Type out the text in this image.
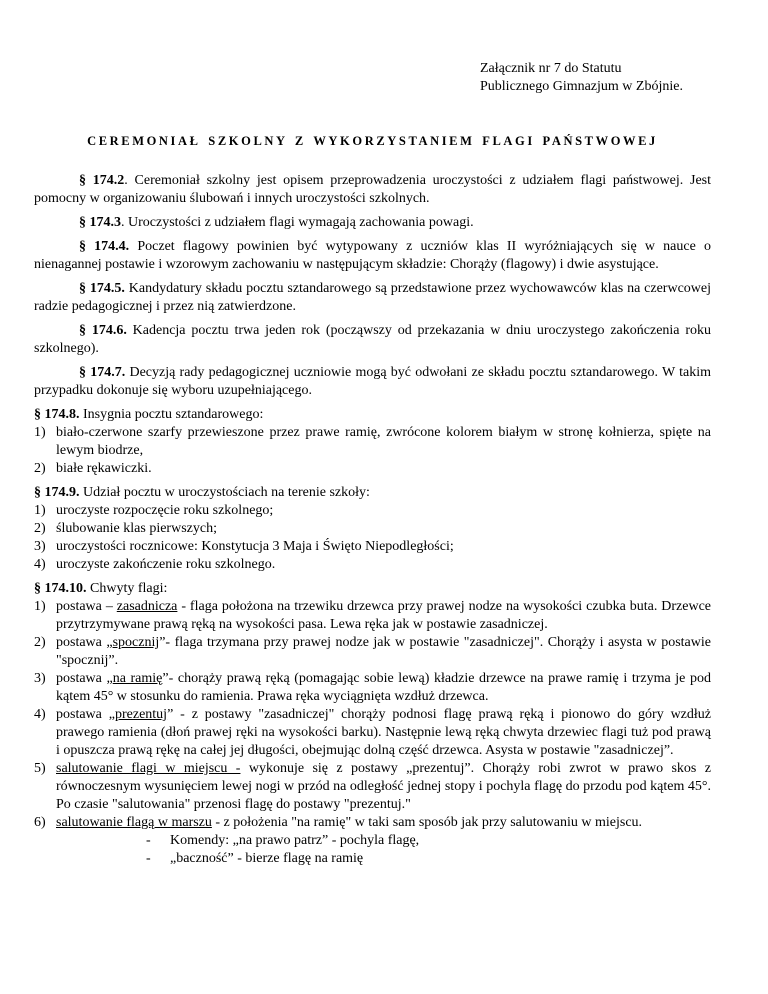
Załącznik nr 7 do Statutu
Publicznego Gimnazjum w Zbójnie.
CEREMONIAŁ SZKOLNY Z WYKORZYSTANIEM FLAGI PAŃSTWOWEJ

§ 174.2. Ceremoniał szkolny jest opisem przeprowadzenia uroczystości z udziałem flagi państwowej. Jest pomocny w organizowaniu ślubowań i innych uroczystości szkolnych.

§ 174.3. Uroczystości z udziałem flagi wymagają zachowania powagi.

§ 174.4. Poczet flagowy powinien być wytypowany z uczniów klas II wyróżniających się w nauce o nienagannej postawie i wzorowym zachowaniu w następującym składzie: Chorąży (flagowy) i dwie asystujące.

§ 174.5. Kandydatury składu pocztu sztandarowego są przedstawione przez wychowawców klas na czerwcowej radzie pedagogicznej i przez nią zatwierdzone.

§ 174.6. Kadencja pocztu trwa jeden rok (począwszy od przekazania w dniu uroczystego zakończenia roku szkolnego).

§ 174.7. Decyzją rady pedagogicznej uczniowie mogą być odwołani ze składu pocztu sztandarowego. W takim przypadku dokonuje się wyboru uzupełniającego.

§ 174.8. Insygnia pocztu sztandarowego:
1) biało-czerwone szarfy przewieszone przez prawe ramię, zwrócone kolorem białym w stronę kołnierza, spięte na lewym biodrze,
2) białe rękawiczki.
§ 174.9. Udział pocztu w uroczystościach na terenie szkoły:
1) uroczyste rozpoczęcie roku szkolnego;
2) ślubowanie klas pierwszych;
3) uroczystości rocznicowe: Konstytucja 3 Maja i Święto Niepodległości;
4) uroczyste zakończenie roku szkolnego.
§ 174.10. Chwyty flagi:
1) postawa – zasadnicza - flaga położona na trzewiku drzewca przy prawej nodze na wysokości czubka buta. Drzewce przytrzymywane prawą ręką na wysokości pasa. Lewa ręka jak w postawie zasadniczej.
2) postawa „spocznij”- flaga trzymana przy prawej nodze jak w postawie "zasadniczej". Chorąży i asysta w postawie "spocznij”.
3) postawa „na ramię”- chorąży prawą ręką (pomagając sobie lewą) kładzie drzewce na prawe ramię i trzyma je pod kątem 45° w stosunku do ramienia. Prawa ręka wyciągnięta wzdłuż drzewca.
4) postawa „prezentuj” - z postawy "zasadniczej" chorąży podnosi flagę prawą ręką i pionowo do góry wzdłuż prawego ramienia (dłoń prawej ręki na wysokości barku). Następnie lewą ręką chwyta drzewiec flagi tuż pod prawą i opuszcza prawą rękę na całej jej długości, obejmując dolną część drzewca. Asysta w postawie "zasadniczej”.
5) salutowanie flagi w miejscu - wykonuje się z postawy „prezentuj”. Chorąży robi zwrot w prawo skos z równoczesnym wysunięciem lewej nogi w przód na odległość jednej stopy i pochyla flagę do przodu pod kątem 45°. Po czasie "salutowania" przenosi flagę do postawy "prezentuj."
6) salutowanie flagą w marszu - z położenia "na ramię" w taki sam sposób jak przy salutowaniu w miejscu.
-	Komendy: „na prawo patrz” - pochyla flagę,
-	„baczność” - bierze flagę na ramię
